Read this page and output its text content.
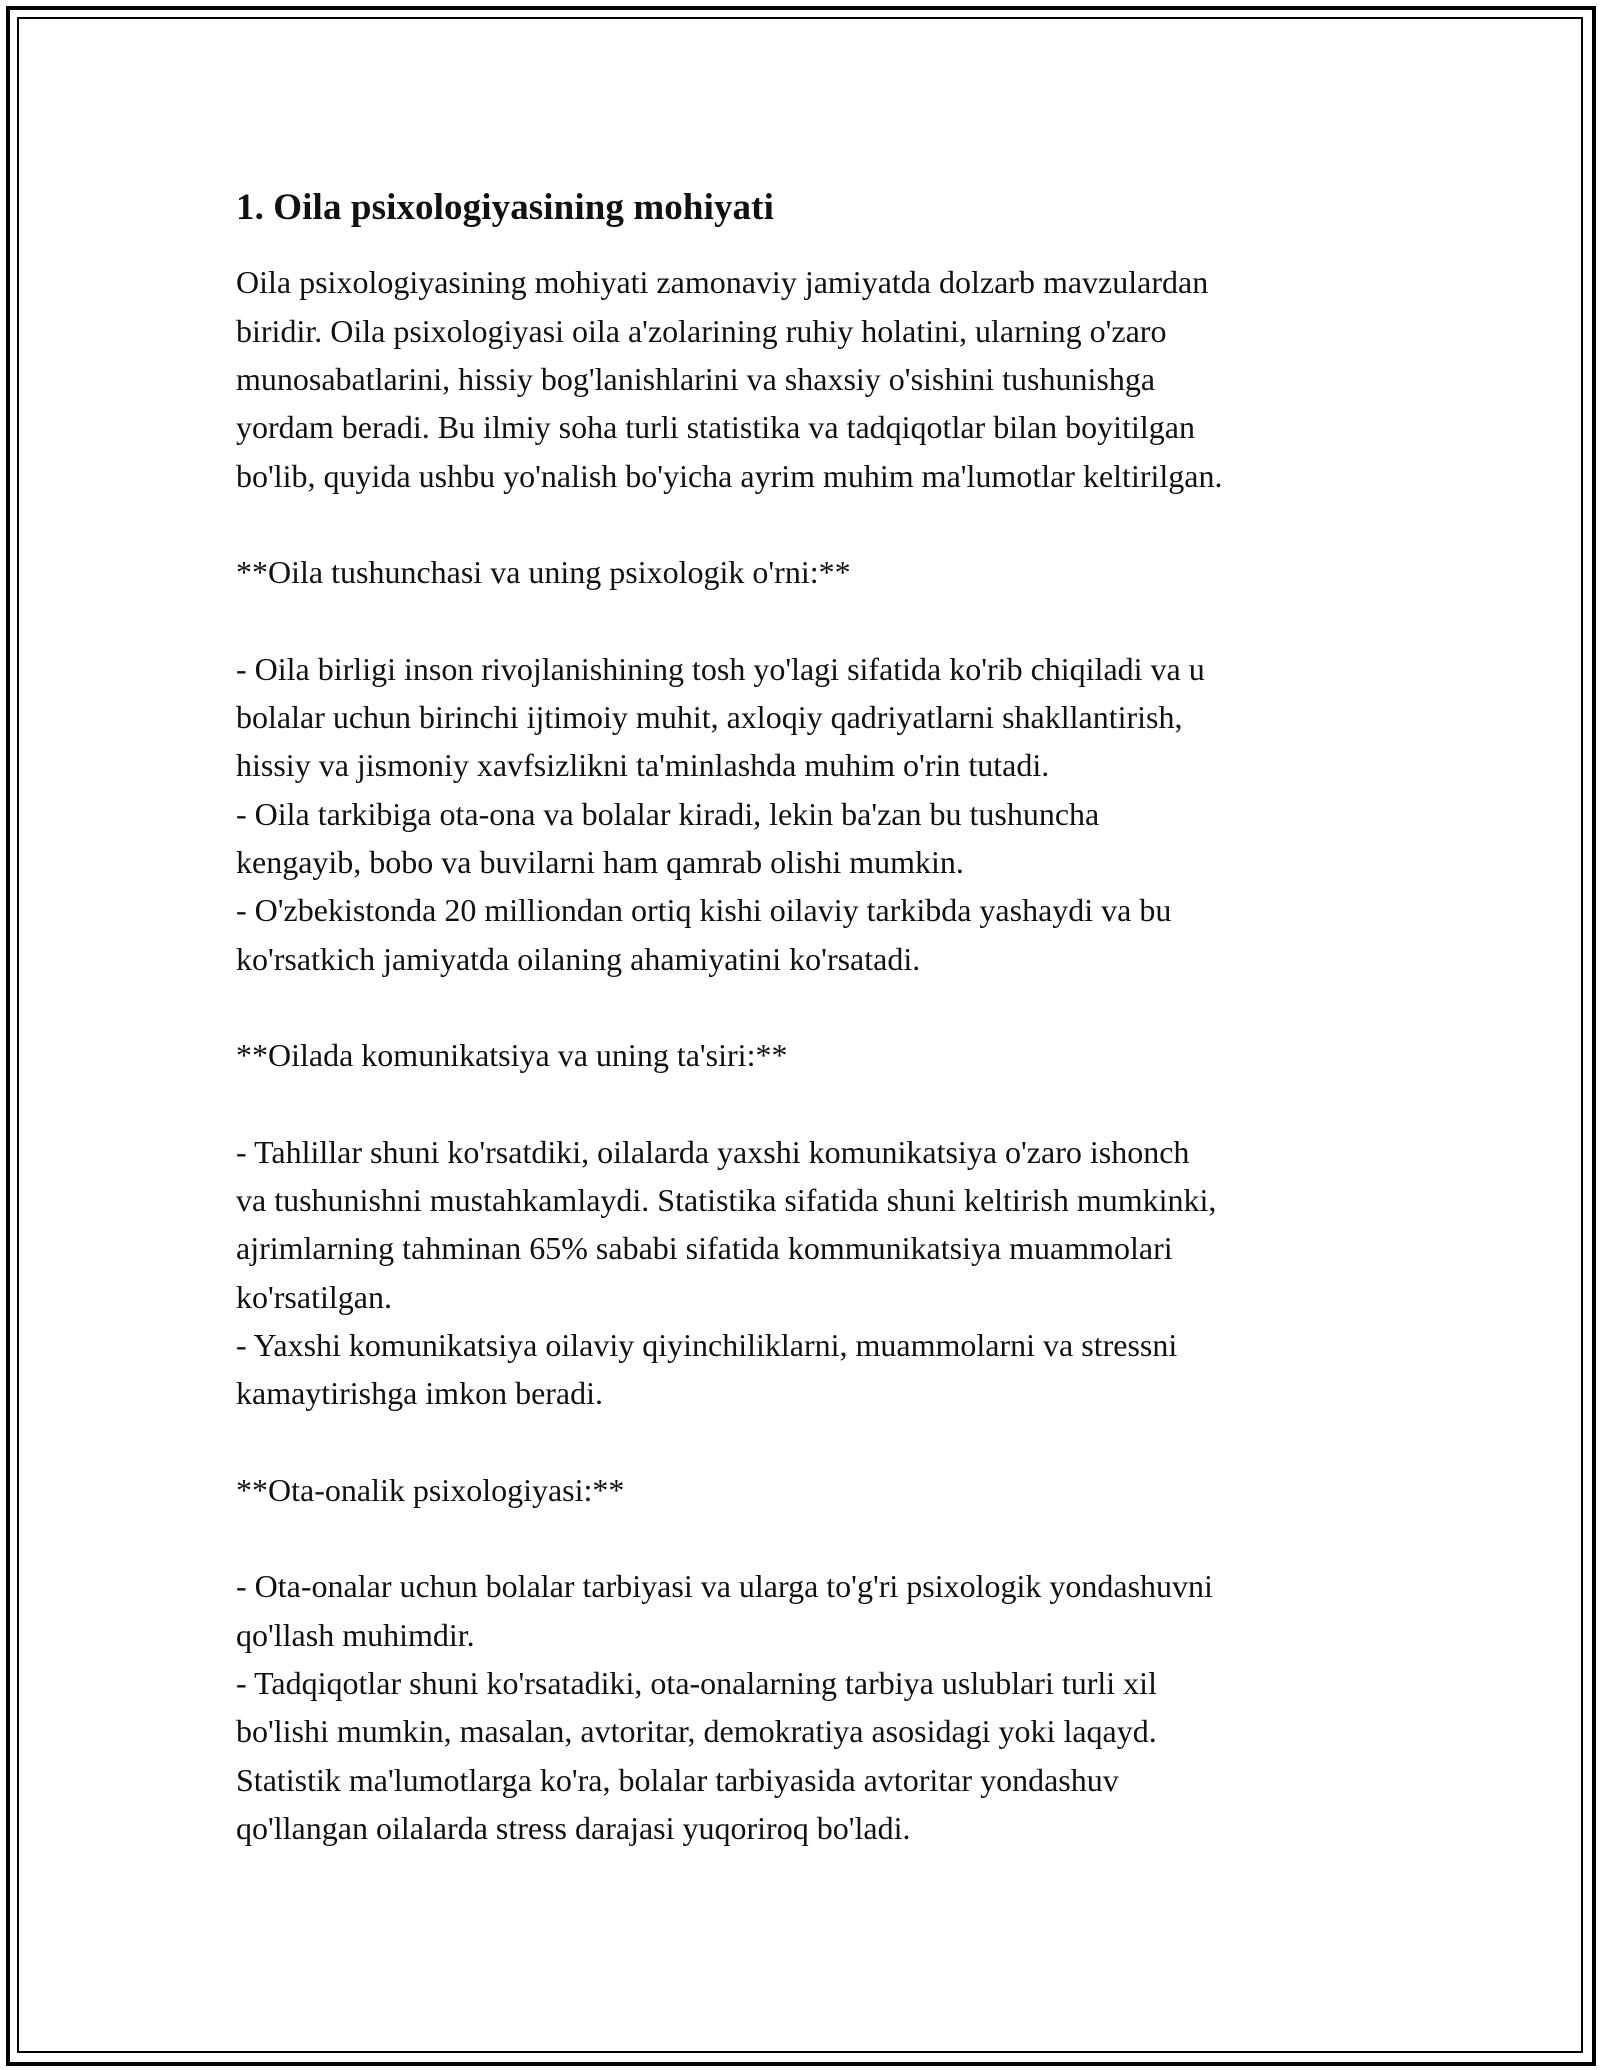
1. Oila psixologiyasining mohiyati
Oila psixologiyasining mohiyati zamonaviy jamiyatda dolzarb mavzulardan
biridir. Oila psixologiyasi oila a'zolarining ruhiy holatini, ularning o'zaro
munosabatlarini, hissiy bog'lanishlarini va shaxsiy o'sishini tushunishga
yordam beradi. Bu ilmiy soha turli statistika va tadqiqotlar bilan boyitilgan
bo'lib, quyida ushbu yo'nalish bo'yicha ayrim muhim ma'lumotlar keltirilgan.
**Oila tushunchasi va uning psixologik o'rni:**
- Oila birligi inson rivojlanishining tosh yo'lagi sifatida ko'rib chiqiladi va u
bolalar uchun birinchi ijtimoiy muhit, axloqiy qadriyatlarni shakllantirish,
hissiy va jismoniy xavfsizlikni ta'minlashda muhim o'rin tutadi.
- Oila tarkibiga ota-ona va bolalar kiradi, lekin ba'zan bu tushuncha
kengayib, bobo va buvilarni ham qamrab olishi mumkin.
- O'zbekistonda 20 milliondan ortiq kishi oilaviy tarkibda yashaydi va bu
ko'rsatkich jamiyatda oilaning ahamiyatini ko'rsatadi.
**Oilada komunikatsiya va uning ta'siri:**
- Tahlillar shuni ko'rsatdiki, oilalarda yaxshi komunikatsiya o'zaro ishonch
va tushunishni mustahkamlaydi. Statistika sifatida shuni keltirish mumkinki,
ajrimlarning tahminan 65% sababi sifatida kommunikatsiya muammolari
ko'rsatilgan.
- Yaxshi komunikatsiya oilaviy qiyinchiliklarni, muammolarni va stressni
kamaytirishga imkon beradi.
**Ota-onalik psixologiyasi:**
- Ota-onalar uchun bolalar tarbiyasi va ularga to'g'ri psixologik yondashuvni
qo'llash muhimdir.
- Tadqiqotlar shuni ko'rsatadiki, ota-onalarning tarbiya uslublari turli xil
bo'lishi mumkin, masalan, avtoritar, demokratiya asosidagi yoki laqayd.
Statistik ma'lumotlarga ko'ra, bolalar tarbiyasida avtoritar yondashuv
qo'llangan oilalarda stress darajasi yuqoriroq bo'ladi.
